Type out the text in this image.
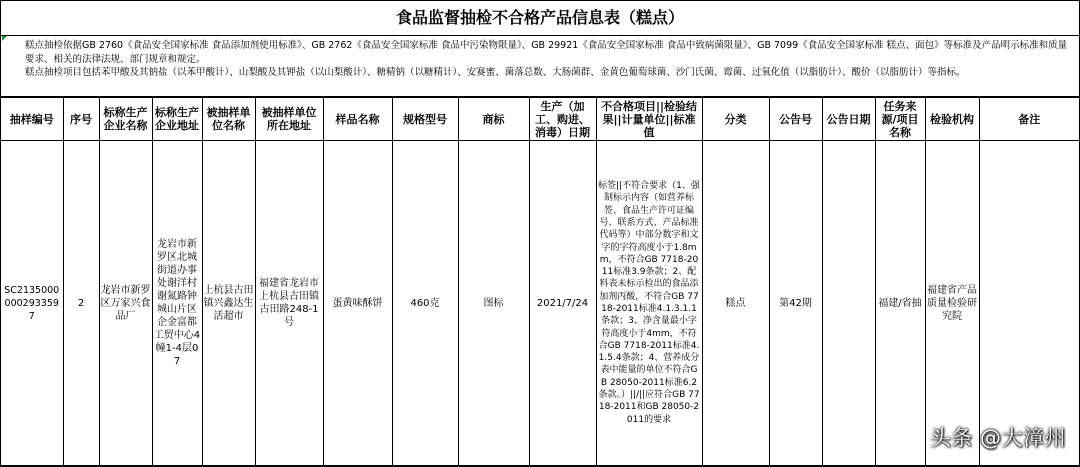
食品监督抽检不合格产品信息表（糕点）

糕点抽检依据GB 2760《食品安全国家标准 食品添加剂使用标准》、GB 2762《食品安全国家标准 食品中污染物限量》、GB 29921《食品安全国家标准 食品中致病菌限量》、GB 7099《食品安全国家标准 糕点、面包》等标准及产品明示标准和质量要求、相关的法律法规、部门规章和规定。

糕点抽检项目包括苯甲酸及其钠盐（以苯甲酸计）、山梨酸及其钾盐（以山梨酸计）、糖精钠（以糖精计）、安赛蜜、菌落总数、大肠菌群、金黄色葡萄球菌、沙门氏菌、霉菌、过氧化值（以脂肪计）、酸价（以脂肪计）等指标。

抽样编号	序号	标称生产企业名称	标称生产企业地址	被抽样单位名称	被抽样单位所在地址	样品名称	规格型号	商标	生产（加工、购进、消毒）日期	不合格项目||检验结果||计量单位||标准值	分类	公告号	公告日期	任务来源/项目名称	检验机构	备注
SC21350000002933597	2	龙岩市新罗区万家兴食品厂	龙岩市新罗区北城街道办事处谢洋村谢氮路钟城山片区企金富都工贸中心4幢1-4层07	上杭县古田镇兴鑫达生活超市	福建省龙岩市上杭县古田镇古田路248-1号	蛋黄味酥饼	460克	图标	2021/7/24	标签||不符合要求（1、强制标示内容（如营养标签、食品生产许可证编号、联系方式、产品标准代码等）中部分数字和文字的字符高度小于1.8mm，不符合GB 7718-2011标准3.9条款；2、配料表未标示检出的食品添加剂丙酸，不符合GB 7718-2011标准4.1.3.1.1条款；3、净含量最小字符高度小于4mm，不符合GB 7718-2011标准4.1.5.4条款；4、营养成分表中能量的单位不符合GB 28050-2011标准6.2条款。）||/||应符合GB 7718-2011和GB 28050-2011的要求	糕点	第42期		福建/省抽	福建省产品质量检验研究院	
头条 @大漳州
